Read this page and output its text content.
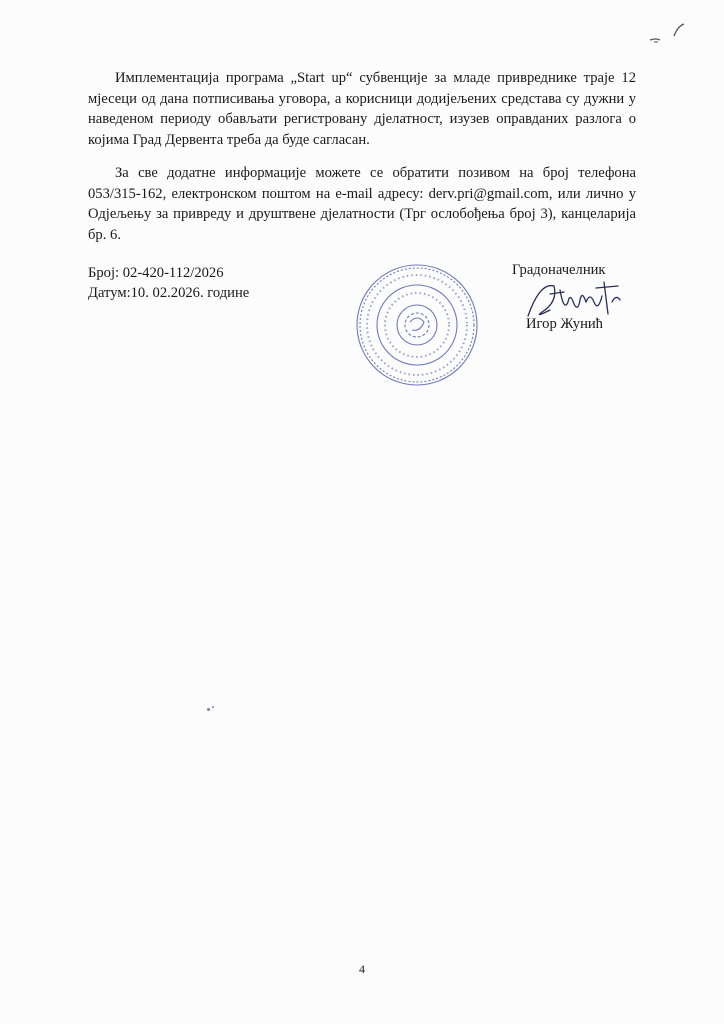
Имплементација програма „Start up“ субвенције за младе привреднике траје 12 мјесеци од дана потписивања уговора, а корисници додијељених средстава су дужни у наведеном периоду обављати регистровану дјелатност, изузев оправданих разлога о којима Град Дервента треба да буде сагласан.

За све додатне информације можете се обратити позивом на број телефона 053/315-162, електронском поштом на e-mail адресу: derv.pri@gmail.com, или лично у Одјељењу за привреду и друштвене дјелатности (Трг ослобођења број 3), канцеларија бр. 6.

Број: 02-420-112/2026

Датум:10. 02.2026. године

Градоначелник
Игор Жунић
4
